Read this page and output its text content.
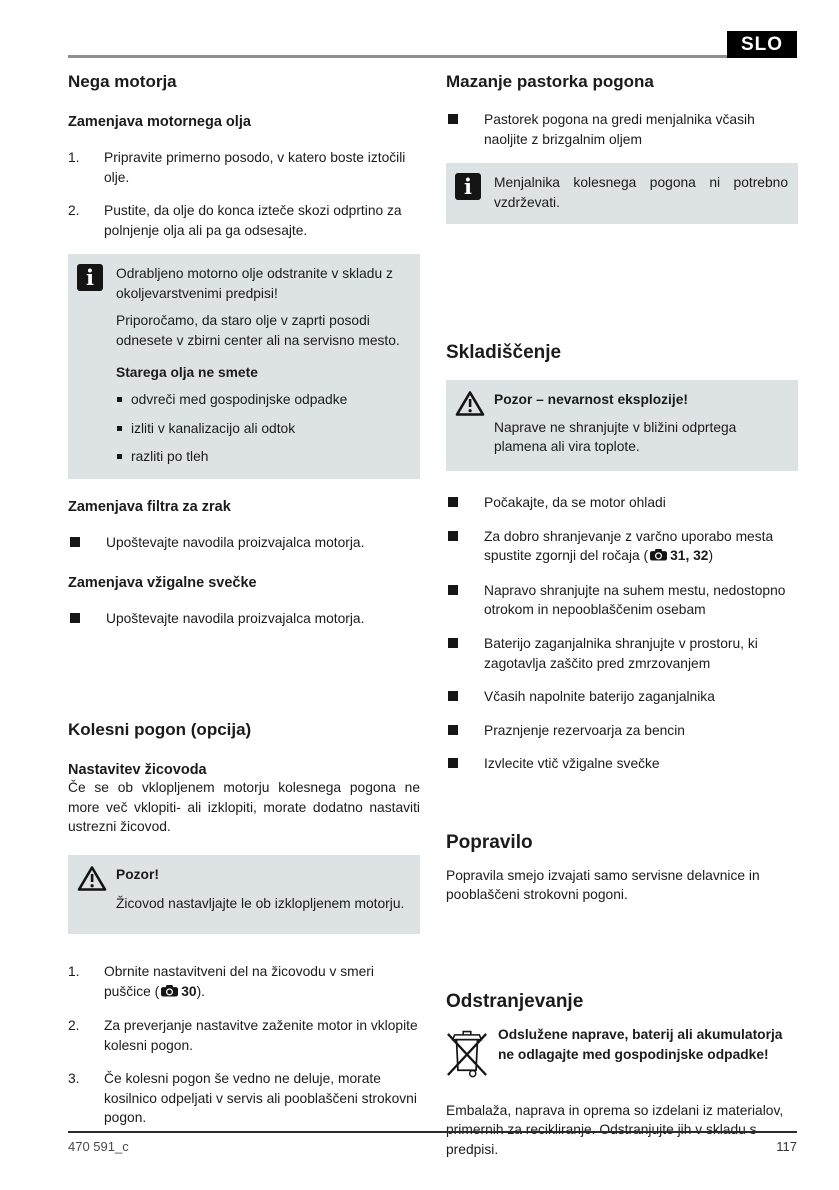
SLO
Nega motorja
Zamenjava motornega olja
1.	Pripravite primerno posodo, v katero boste iztočili olje.
2.	Pustite, da olje do konca izteče skozi odprtino za polnjenje olja ali pa ga odsesajte.
i	Odrabljeno motorno olje odstranite v skladu z okoljevarstvenimi predpisi!

Priporočamo, da staro olje v zaprti posodi odnesete v zbirni center ali na servisno mesto.

Starega olja ne smete

odvreči med gospodinjske odpadke
izliti v kanalizacijo ali odtok
razliti po tleh
Zamenjava filtra za zrak
Upoštevajte navodila proizvajalca motorja.
Zamenjava vžigalne svečke
Upoštevajte navodila proizvajalca motorja.
Kolesni pogon (opcija)
Nastavitev žicovoda

Če se ob vklopljenem motorju kolesnega pogona ne more več vklopiti- ali izklopiti, morate dodatno nastaviti ustrezni žicovod.

Pozor!

Žicovod nastavljajte le ob izklopljenem motorju.

1.	Obrnite nastavitveni del na žicovodu v smeri puščice ( 30).
2.	Za preverjanje nastavitve zaženite motor in vklopite kolesni pogon.
3.	Če kolesni pogon še vedno ne deluje, morate kosilnico odpeljati v servis ali pooblaščeni strokovni pogon.
Mazanje pastorka pogona
Pastorek pogona na gredi menjalnika včasih naoljite z brizgalnim oljem
i	Menjalnika kolesnega pogona ni potrebno vzdrževati.

Skladiščenje

Pozor – nevarnost eksplozije!

Naprave ne shranjujte v bližini odprtega plamena ali vira toplote.

Počakajte, da se motor ohladi
Za dobro shranjevanje z varčno uporabo mesta spustite zgornji del ročaja ( 31, 32)
Napravo shranjujte na suhem mestu, nedostopno otrokom in nepooblaščenim osebam
Baterijo zaganjalnika shranjujte v prostoru, ki zagotavlja zaščito pred zmrzovanjem
Včasih napolnite baterijo zaganjalnika
Praznjenje rezervoarja za bencin
Izvlecite vtič vžigalne svečke
Popravilo

Popravila smejo izvajati samo servisne delavnice in pooblaščeni strokovni pogoni.

Odstranjevanje
Odslužene naprave, baterij ali akumulatorja ne odlagajte med gospodinjske odpadke!

Embalaža, naprava in oprema so izdelani iz materialov, primernih za recikliranje. Odstranjujte jih v skladu s predpisi.

470 591_c	117
